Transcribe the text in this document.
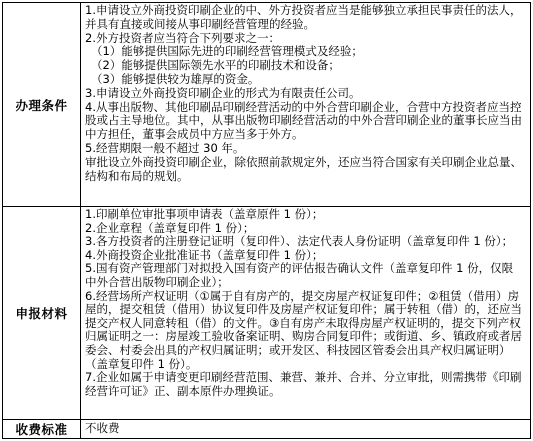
办理条件
1.申请设立外商投资印刷企业的中、外方投资者应当是能够独立承担民事责任的法人，并具有直接或间接从事印刷经营管理的经验。
2.外方投资者应当符合下列要求之一：
（1）能够提供国际先进的印刷经营管理模式及经验；
（2）能够提供国际领先水平的印刷技术和设备；
（3）能够提供较为雄厚的资金。
3.申请设立外商投资印刷企业的形式为有限责任公司。
4.从事出版物、其他印刷品印刷经营活动的中外合营印刷企业，合营中方投资者应当控股或占主导地位。其中，从事出版物印刷经营活动的中外合营印刷企业的董事长应当由中方担任，董事会成员中方应当多于外方。
5.经营期限一般不超过 30 年。
审批设立外商投资印刷企业，除依照前款规定外，还应当符合国家有关印刷企业总量、结构和布局的规划。
申报材料
1.印刷单位审批事项申请表（盖章原件 1 份）；
2.企业章程（盖章复印件 1 份）；
3.各方投资者的注册登记证明（复印件）、法定代表人身份证明（盖章复印件 1 份）；
4.外商投资企业批准证书（盖章复印件 1 份）；
5.国有资产管理部门对拟投入国有资产的评估报告确认文件（盖章复印件 1 份，仅限中外合营出版物印刷企业）；
6.经营场所产权证明（①属于自有房产的，提交房屋产权证复印件；②租赁（借用）房屋的，提交租赁（借用）协议复印件及房屋产权证复印件；属于转租（借）的，还应当提交产权人同意转租（借）的文件。③自有房产未取得房屋产权证明的，提交下列产权归属证明之一：房屋竣工验收备案证明、购房合同复印件；或街道、乡、镇政府或者居委会、村委会出具的产权归属证明；或开发区、科技园区管委会出具产权归属证明）（盖章复印件 1 份）。
7.企业如属于申请变更印刷经营范围、兼营、兼并、合并、分立审批，则需携带《印刷经营许可证》正、副本原件办理换证。
收费标准	不收费
